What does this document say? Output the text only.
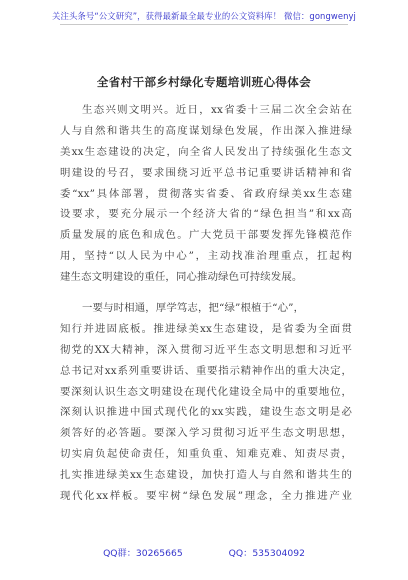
关注头条号“公文研究”，获得最新最全最专业的公文资料库！ 微信：gongwenyj
全省村干部乡村绿化专题培训班心得体会
生态兴则文明兴。近日，xx省委十三届二次全会站在
人与自然和谐共生的高度谋划绿色发展，作出深入推进绿
美xx生态建设的决定，向全省人民发出了持续强化生态文
明建设的号召，要求围绕习近平总书记重要讲话精神和省
委“xx”具体部署，贯彻落实省委、省政府绿美xx生态建
设要求，要充分展示一个经济大省的“绿色担当”和xx高
质量发展的底色和成色。广大党员干部要发挥先锋模范作
用，坚持“以人民为中心”，主动找准治理重点，扛起构
建生态文明建设的重任，同心推动绿色可持续发展。
一要与时相通，厚学笃志，把“绿”根植于“心”，
知行并进固底板。推进绿美xx生态建设，是省委为全面贯
彻党的XX大精神，深入贯彻习近平生态文明思想和习近平
总书记对xx系列重要讲话、重要指示精神作出的重大决定，
要深刻认识生态文明建设在现代化建设全局中的重要地位，
深刻认识推进中国式现代化的xx实践，建设生态文明是必
须答好的必答题。要深入学习贯彻习近平生态文明思想，
切实肩负起使命责任，知重负重、知难克难、知责尽责，
扎实推进绿美xx生态建设，加快打造人与自然和谐共生的
现代化xx样板。要牢树“绿色发展”理念，全力推进产业
QQ群：30265665	QQ：535304092
